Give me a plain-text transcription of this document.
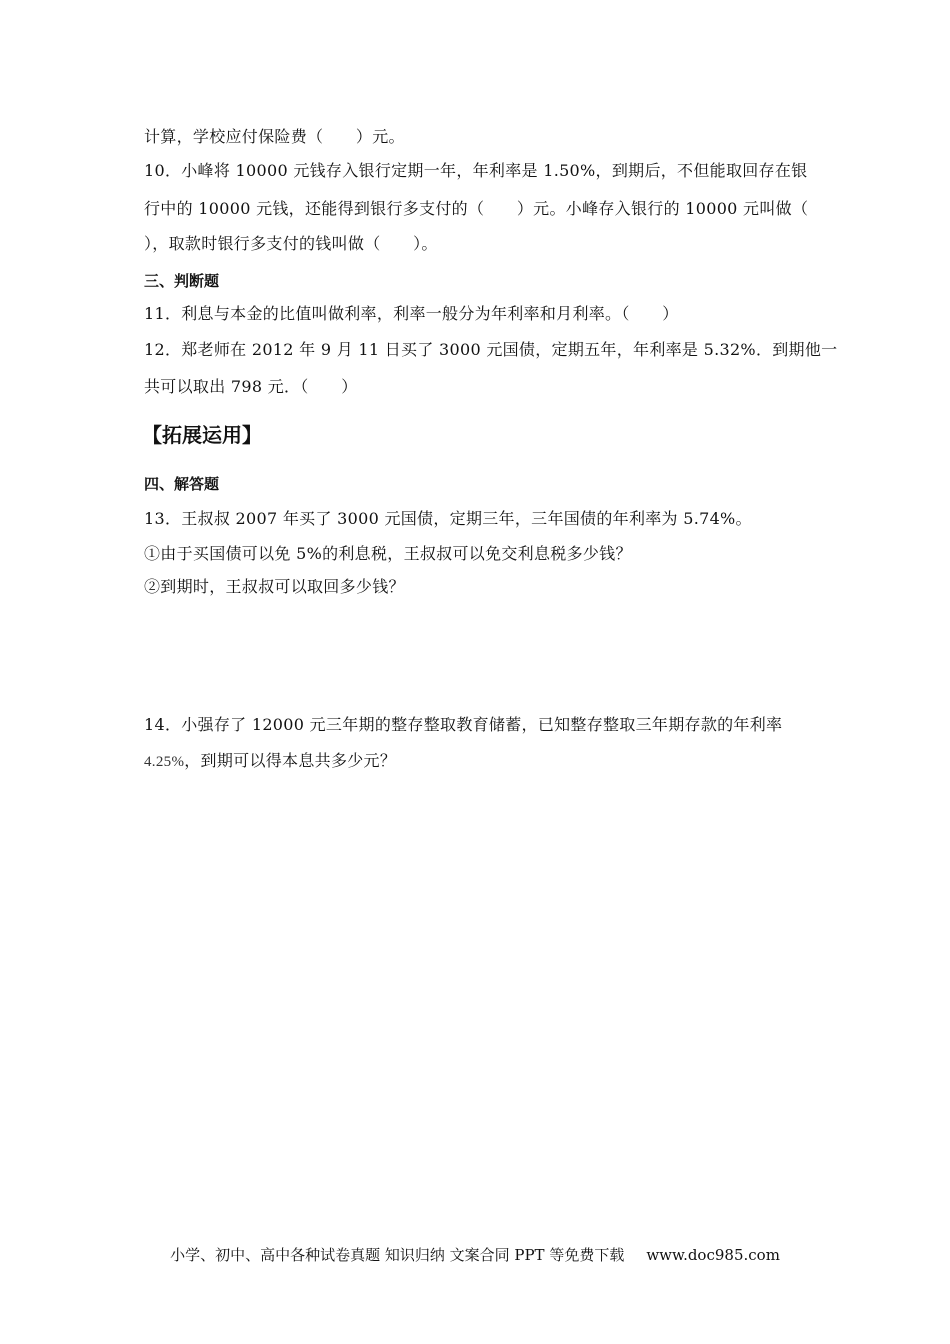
计算，学校应付保险费（　　）元。
10．小峰将 10000 元钱存入银行定期一年，年利率是 1.50%，到期后，不但能取回存在银
行中的 10000 元钱，还能得到银行多支付的（　　）元。小峰存入银行的 10000 元叫做（
），取款时银行多支付的钱叫做（　　）。
三、判断题
11．利息与本金的比值叫做利率，利率一般分为年利率和月利率。（　　）
12．郑老师在 2012 年 9 月 11 日买了 3000 元国债，定期五年，年利率是 5.32%．到期他一
共可以取出 798 元．（　　）
【拓展运用】
四、解答题
13．王叔叔 2007 年买了 3000 元国债，定期三年，三年国债的年利率为 5.74%。
①由于买国债可以免 5%的利息税，王叔叔可以免交利息税多少钱？
②到期时，王叔叔可以取回多少钱？
14．小强存了 12000 元三年期的整存整取教育储蓄，已知整存整取三年期存款的年利率
4.25%，到期可以得本息共多少元？
小学、初中、高中各种试卷真题 知识归纳 文案合同 PPT 等免费下载 www.doc985.com
